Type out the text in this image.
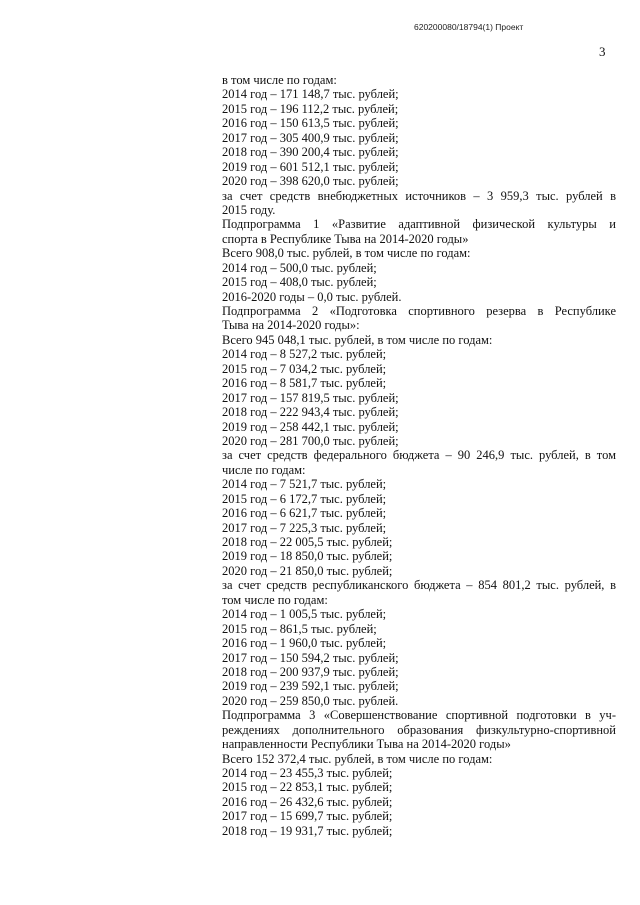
620200080/18794(1) Проект
3
в том числе по годам:
2014 год – 171 148,7 тыс. рублей;
2015 год – 196 112,2 тыс. рублей;
2016 год – 150 613,5 тыс. рублей;
2017 год – 305 400,9 тыс. рублей;
2018 год – 390 200,4 тыс. рублей;
2019 год – 601 512,1 тыс. рублей;
2020 год – 398 620,0 тыс. рублей;
за счет средств внебюджетных источников – 3 959,3 тыс. рублей в
2015 году.
Подпрограмма 1 «Развитие адаптивной физической культуры и
спорта в Республике Тыва на 2014-2020 годы»
Всего 908,0 тыс. рублей, в том числе по годам:
2014 год – 500,0 тыс. рублей;
2015 год – 408,0 тыс. рублей;
2016-2020 годы – 0,0 тыс. рублей.
Подпрограмма 2 «Подготовка спортивного резерва в Республике
Тыва на 2014-2020 годы»:
Всего 945 048,1 тыс. рублей, в том числе по годам:
2014 год – 8 527,2 тыс. рублей;
2015 год – 7 034,2 тыс. рублей;
2016 год – 8 581,7 тыс. рублей;
2017 год – 157 819,5 тыс. рублей;
2018 год – 222 943,4 тыс. рублей;
2019 год – 258 442,1 тыс. рублей;
2020 год – 281 700,0 тыс. рублей;
за счет средств федерального бюджета – 90 246,9 тыс. рублей, в том
числе по годам:
2014 год – 7 521,7 тыс. рублей;
2015 год – 6 172,7 тыс. рублей;
2016 год – 6 621,7 тыс. рублей;
2017 год – 7 225,3 тыс. рублей;
2018 год – 22 005,5 тыс. рублей;
2019 год – 18 850,0 тыс. рублей;
2020 год – 21 850,0 тыс. рублей;
за счет средств республиканского бюджета – 854 801,2 тыс. рублей, в
том числе по годам:
2014 год – 1 005,5 тыс. рублей;
2015 год – 861,5 тыс. рублей;
2016 год – 1 960,0 тыс. рублей;
2017 год – 150 594,2 тыс. рублей;
2018 год – 200 937,9 тыс. рублей;
2019 год – 239 592,1 тыс. рублей;
2020 год – 259 850,0 тыс. рублей.
Подпрограмма 3 «Совершенствование спортивной подготовки в уч-
реждениях дополнительного образования физкультурно-спортивной
направленности Республики Тыва на 2014-2020 годы»
Всего 152 372,4 тыс. рублей, в том числе по годам:
2014 год – 23 455,3 тыс. рублей;
2015 год – 22 853,1 тыс. рублей;
2016 год – 26 432,6 тыс. рублей;
2017 год – 15 699,7 тыс. рублей;
2018 год – 19 931,7 тыс. рублей;
